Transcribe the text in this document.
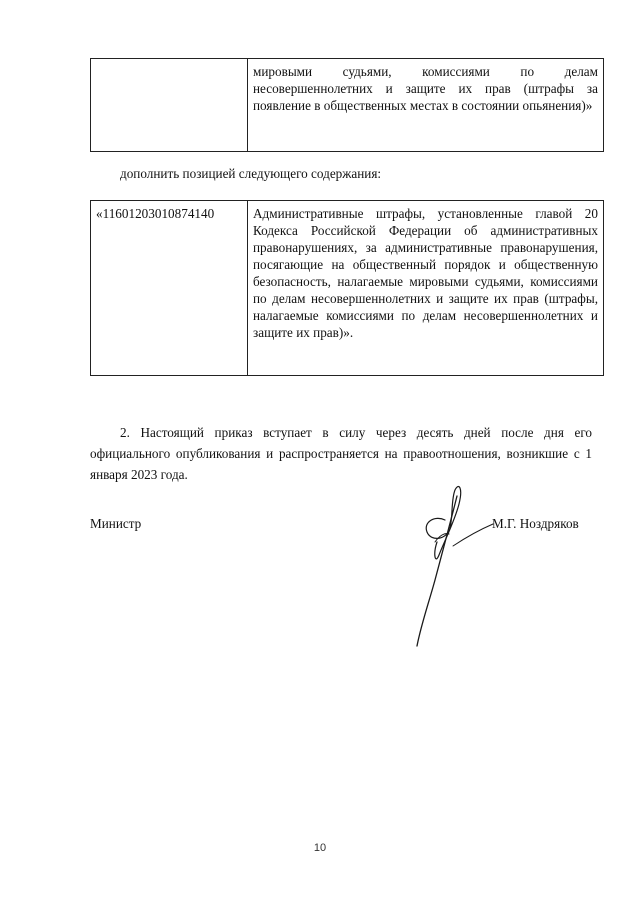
	мировыми судьями, комиссиями по делам несовершеннолетних и защите их прав (штрафы за появление в общественных местах в состоянии опьянения)»
дополнить позицией следующего содержания:
«11601203010874140	Административные штрафы, установленные главой 20 Кодекса Российской Федерации об административных правонарушениях, за административные правонарушения, посягающие на общественный порядок и общественную безопасность, налагаемые мировыми судьями, комиссиями по делам несовершеннолетних и защите их прав (штрафы, налагаемые комиссиями по делам несовершеннолетних и защите их прав)».
2. Настоящий приказ вступает в силу через десять дней после дня его официального опубликования и распространяется на правоотношения, возникшие с 1 января 2023 года.
Министр	М.Г. Ноздряков
10
